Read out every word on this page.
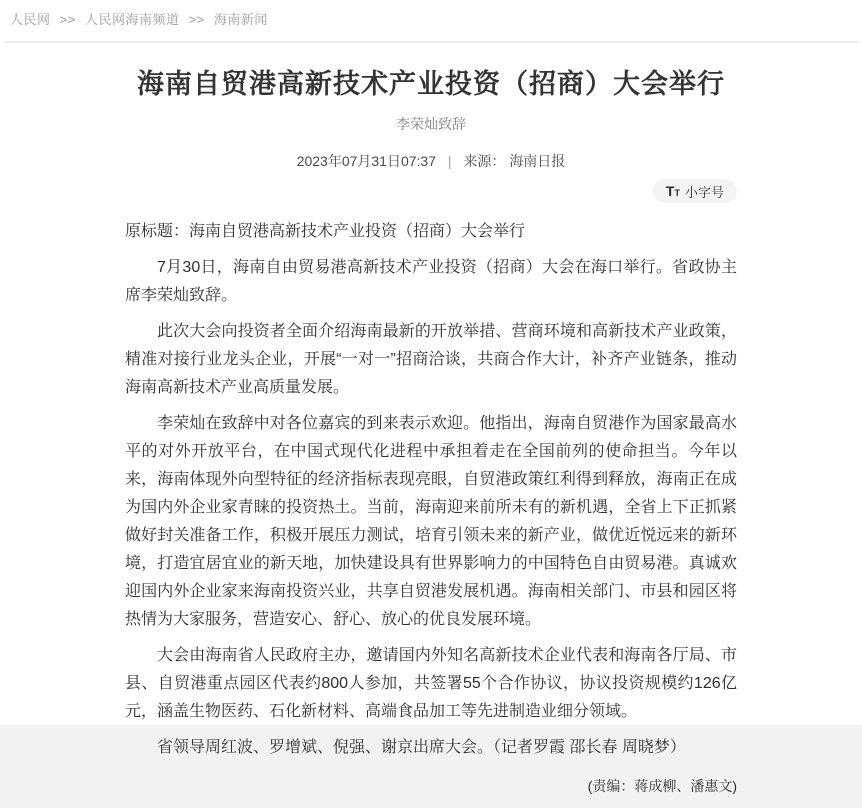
人民网 >> 人民网海南频道 >> 海南新闻
海南自贸港高新技术产业投资（招商）大会举行
李荣灿致辞
2023年07月31日07:37 | 来源： 海南日报
T T 小字号

原标题：海南自贸港高新技术产业投资（招商）大会举行

7月30日，海南自由贸易港高新技术产业投资（招商）大会在海口举行。省政协主席李荣灿致辞。

此次大会向投资者全面介绍海南最新的开放举措、营商环境和高新技术产业政策，精准对接行业龙头企业，开展“一对一”招商洽谈，共商合作大计，补齐产业链条，推动海南高新技术产业高质量发展。

李荣灿在致辞中对各位嘉宾的到来表示欢迎。他指出，海南自贸港作为国家最高水平的对外开放平台，在中国式现代化进程中承担着走在全国前列的使命担当。今年以来，海南体现外向型特征的经济指标表现亮眼，自贸港政策红利得到释放，海南正在成为国内外企业家青睐的投资热土。当前，海南迎来前所未有的新机遇，全省上下正抓紧做好封关准备工作，积极开展压力测试，培育引领未来的新产业，做优近悦远来的新环境，打造宜居宜业的新天地，加快建设具有世界影响力的中国特色自由贸易港。真诚欢迎国内外企业家来海南投资兴业，共享自贸港发展机遇。海南相关部门、市县和园区将热情为大家服务，营造安心、舒心、放心的优良发展环境。

大会由海南省人民政府主办，邀请国内外知名高新技术企业代表和海南各厅局、市县、自贸港重点园区代表约800人参加，共签署55个合作协议，协议投资规模约126亿元，涵盖生物医药、石化新材料、高端食品加工等先进制造业细分领域。

省领导周红波、罗增斌、倪强、谢京出席大会。（记者罗霞 邵长春 周晓梦）

(责编：蒋成柳、潘惠文)
